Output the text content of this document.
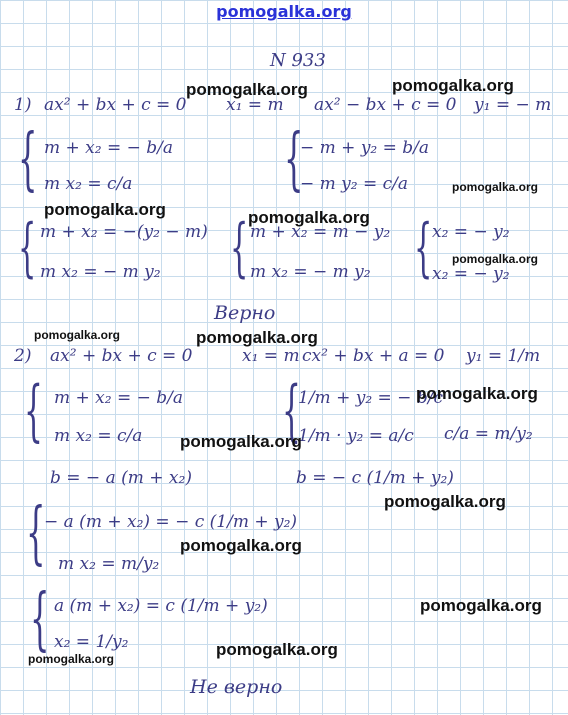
pomogalka.org
N 933
1) ax² + bx + c = 0 x₁ = m ax² − bx + c = 0 y₁ = − m
{ m + x₂ = − b/a
m x₂ = c/a {
− m + y₂ = b/a
− m y₂ = c/a
{ m + x₂ = −(y₂ − m)
m x₂ = − m y₂ { m + x₂ = m − y₂
m x₂ = − m y₂ { x₂ = − y₂
x₂ = − y₂
Верно
2) ax² + bx + c = 0	x₁ = m cx² + bx + a = 0 y₁ = 1/m
{ m + x₂ = − b/a
m x₂ = c/a {
1/m + y₂ = − b/c
1/m · y₂ = a/c c/a = m/y₂
b = − a (m + x₂)	b = − c (1/m + y₂)
{
− a (m + x₂) = − c (1/m + y₂)
m x₂ = m/y₂
{ a (m + x₂) = c (1/m + y₂)
x₂ = 1/y₂
Не верно
pomogalka.org	pomogalka.org
pomogalka.org
pomogalka.org	pomogalka.org
pomogalka.org
pomogalka.org	pomogalka.org
pomogalka.org
pomogalka.org
pomogalka.org
pomogalka.org
pomogalka.org
pomogalka.org
pomogalka.org
